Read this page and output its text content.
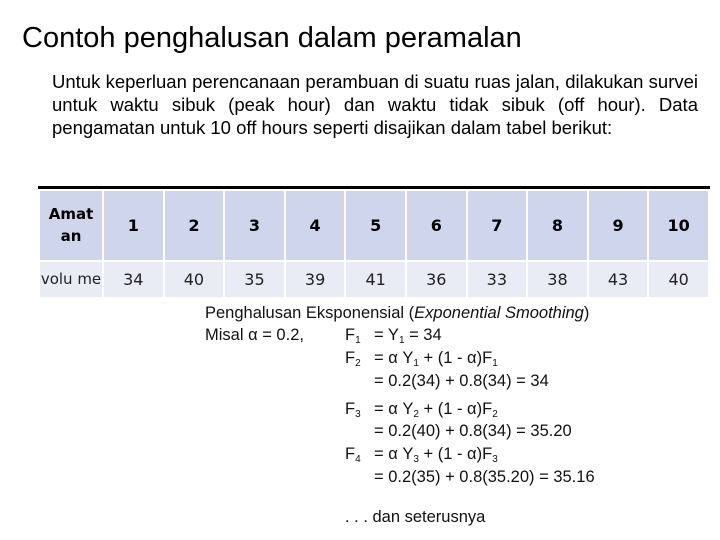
Contoh penghalusan dalam peramalan
Untuk keperluan perencanaan perambuan di suatu ruas jalan, dilakukan survei untuk waktu sibuk (peak hour) dan waktu tidak sibuk (off hour). Data pengamatan untuk 10 off hours seperti disajikan dalam tabel berikut:
Amat an	1	2	3	4	5	6	7	8	9	10
volu me	34	40	35	39	41	36	33	38	43	40
Penghalusan Eksponensial (Exponential Smoothing)
Misal α = 0.2, $F_1 = Y_1 = 34$
$F_2 = \alpha$ $Y_1 + (1 - \alpha)F_1$
= 0.2(34) + 0.8(34) = 34
$F_3 = \alpha$ $Y_2 + (1 - \alpha)F_2$
= 0.2(40) + 0.8(34) = 35.20
$F_4 = \alpha$ $Y_3 + (1 - \alpha)F_3$
= 0.2(35) + 0.8(35.20) = 35.16
. . . dan seterusnya
